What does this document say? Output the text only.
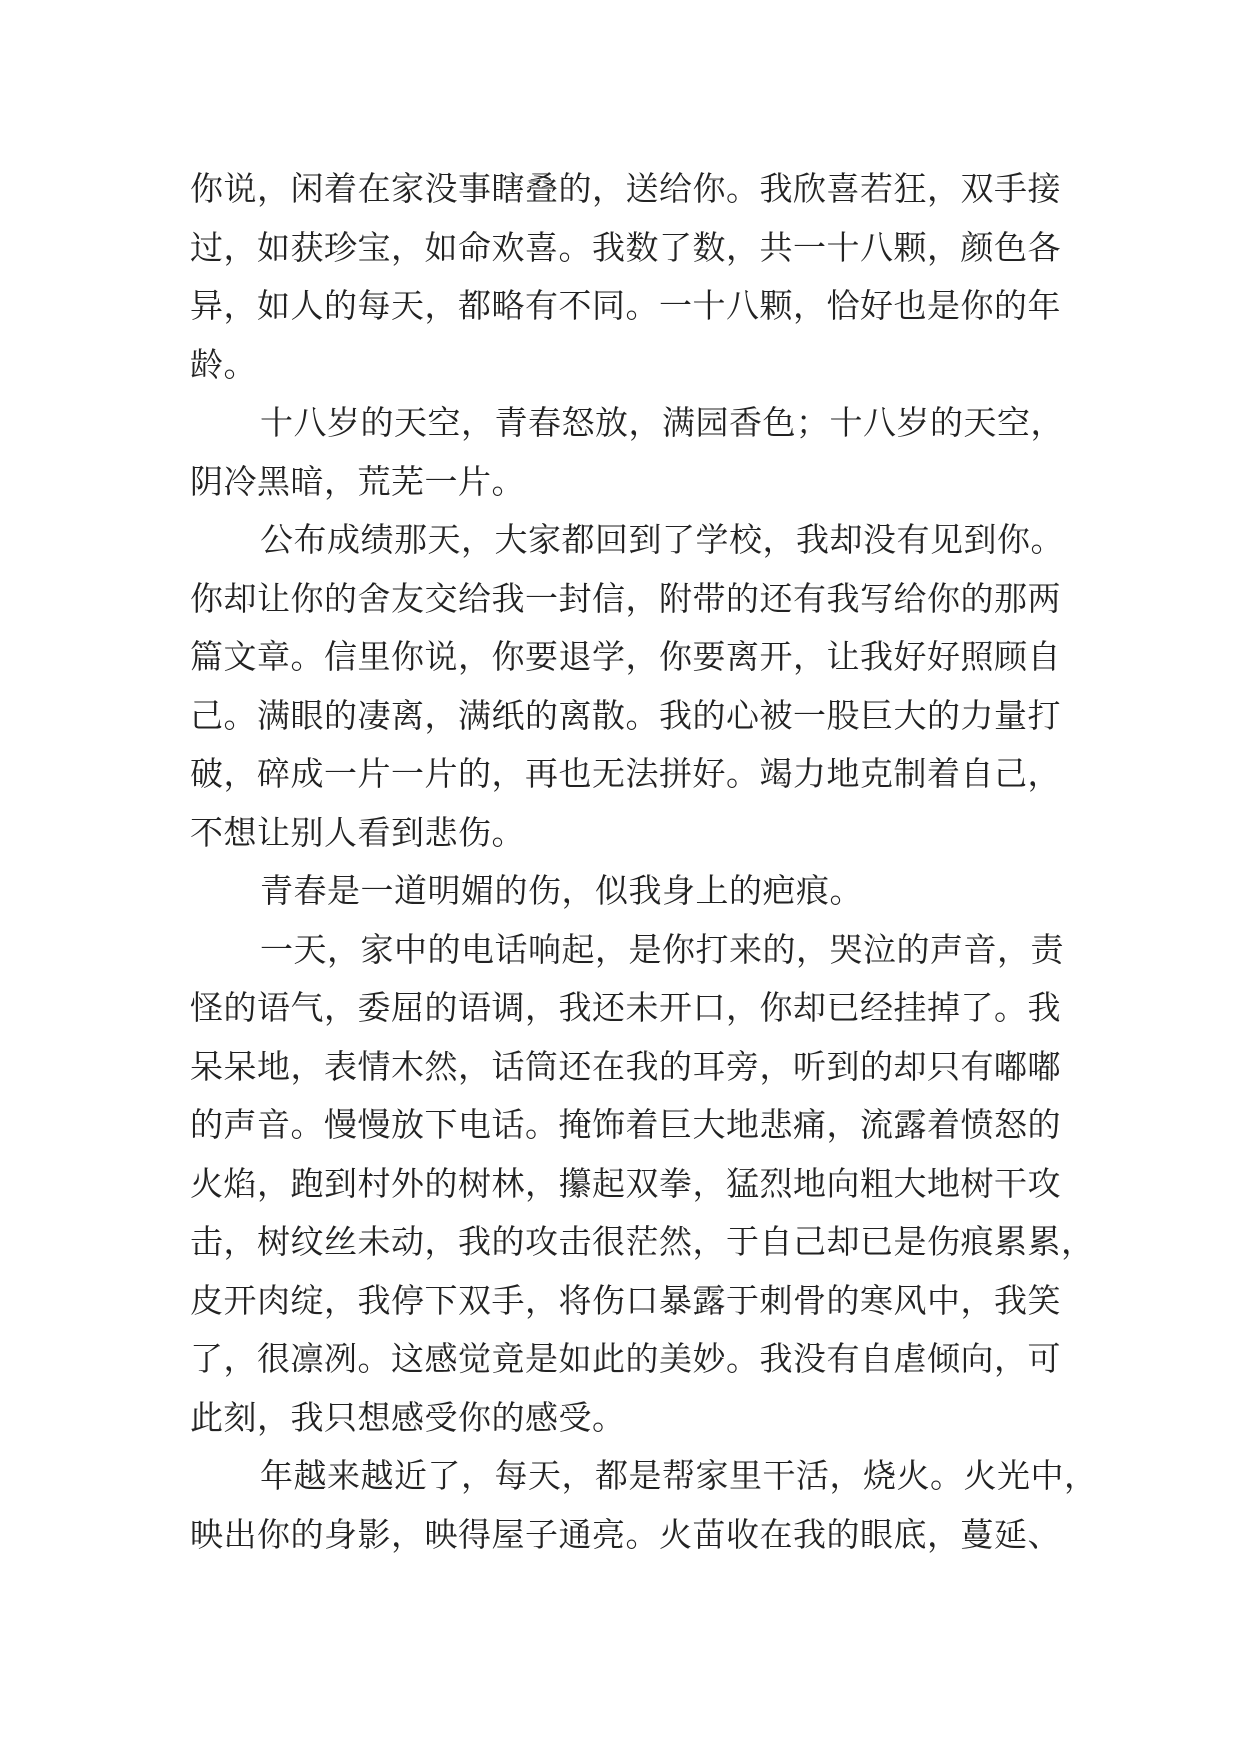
你说，闲着在家没事瞎叠的，送给你。我欣喜若狂，双手接
过，如获珍宝，如命欢喜。我数了数，共一十八颗，颜色各
异，如人的每天，都略有不同。一十八颗，恰好也是你的年
龄。
十八岁的天空，青春怒放，满园香色；十八岁的天空，
阴冷黑暗，荒芜一片。
公布成绩那天，大家都回到了学校，我却没有见到你。
你却让你的舍友交给我一封信，附带的还有我写给你的那两
篇文章。信里你说，你要退学，你要离开，让我好好照顾自
己。满眼的凄离，满纸的离散。我的心被一股巨大的力量打
破，碎成一片一片的，再也无法拼好。竭力地克制着自己，
不想让别人看到悲伤。
青春是一道明媚的伤，似我身上的疤痕。
一天，家中的电话响起，是你打来的，哭泣的声音，责
怪的语气，委屈的语调，我还未开口，你却已经挂掉了。我
呆呆地，表情木然，话筒还在我的耳旁，听到的却只有嘟嘟
的声音。慢慢放下电话。掩饰着巨大地悲痛，流露着愤怒的
火焰，跑到村外的树林，攥起双拳，猛烈地向粗大地树干攻
击，树纹丝未动，我的攻击很茫然，于自己却已是伤痕累累，
皮开肉绽，我停下双手，将伤口暴露于刺骨的寒风中，我笑
了，很凛冽。这感觉竟是如此的美妙。我没有自虐倾向，可
此刻，我只想感受你的感受。
年越来越近了，每天，都是帮家里干活，烧火。火光中，
映出你的身影，映得屋子通亮。火苗收在我的眼底，蔓延、
